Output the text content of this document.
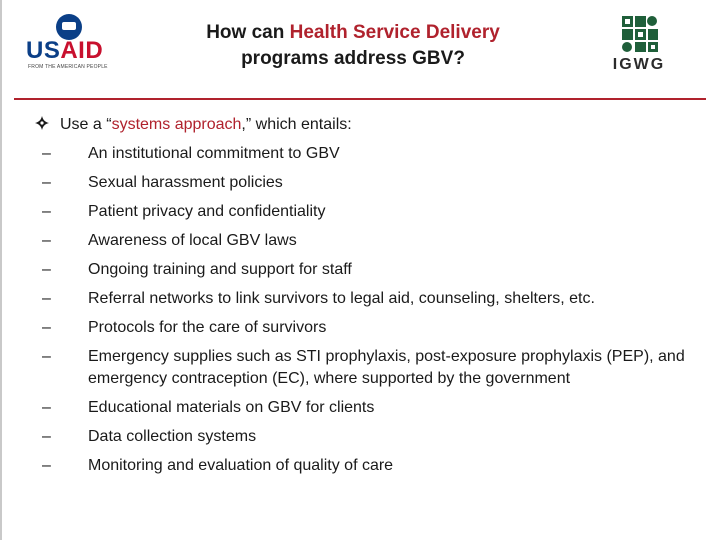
USAID
FROM THE AMERICAN PEOPLE
How can Health Service Delivery
programs address GBV?	IGWG
Use a “systems approach,” which entails:
– An institutional commitment to GBV
– Sexual harassment policies
– Patient privacy and confidentiality
– Awareness of local GBV laws
– Ongoing training and support for staff
– Referral networks to link survivors to legal aid, counseling, shelters, etc.
– Protocols for the care of survivors
– Emergency supplies such as STI prophylaxis, post-exposure prophylaxis (PEP), and emergency contraception (EC), where supported by the government
– Educational materials on GBV for clients
– Data collection systems
– Monitoring and evaluation of quality of care
